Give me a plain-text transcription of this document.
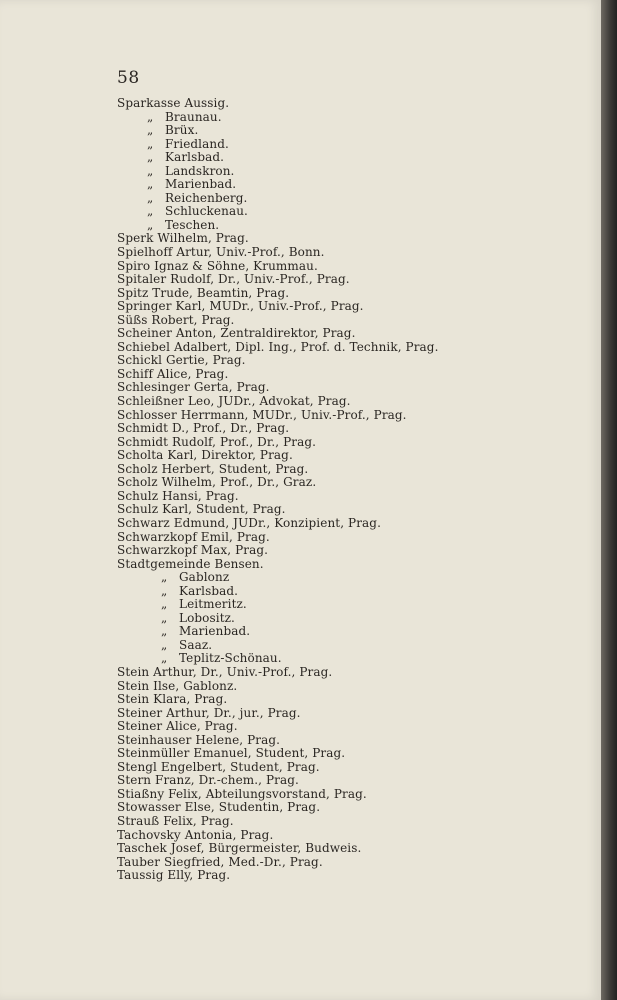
58
Sparkasse Aussig.
„ Braunau.
„ Brüx.
„ Friedland.
„ Karlsbad.
„ Landskron.
„ Marienbad.
„ Reichenberg.
„ Schluckenau.
„ Teschen.
Sperk Wilhelm, Prag.
Spielhoff Artur, Univ.-Prof., Bonn.
Spiro Ignaz & Söhne, Krummau.
Spitaler Rudolf, Dr., Univ.-Prof., Prag.
Spitz Trude, Beamtin, Prag.
Springer Karl, MUDr., Univ.-Prof., Prag.
Süßs Robert, Prag.
Scheiner Anton, Zentraldirektor, Prag.
Schiebel Adalbert, Dipl. Ing., Prof. d. Technik, Prag.
Schickl Gertie, Prag.
Schiff Alice, Prag.
Schlesinger Gerta, Prag.
Schleißner Leo, JUDr., Advokat, Prag.
Schlosser Herrmann, MUDr., Univ.-Prof., Prag.
Schmidt D., Prof., Dr., Prag.
Schmidt Rudolf, Prof., Dr., Prag.
Scholta Karl, Direktor, Prag.
Scholz Herbert, Student, Prag.
Scholz Wilhelm, Prof., Dr., Graz.
Schulz Hansi, Prag.
Schulz Karl, Student, Prag.
Schwarz Edmund, JUDr., Konzipient, Prag.
Schwarzkopf Emil, Prag.
Schwarzkopf Max, Prag.
Stadtgemeinde Bensen.
„ Gablonz
„ Karlsbad.
„ Leitmeritz.
„ Lobositz.
„ Marienbad.
„ Saaz.
„ Teplitz-Schönau.
Stein Arthur, Dr., Univ.-Prof., Prag.
Stein Ilse, Gablonz.
Stein Klara, Prag.
Steiner Arthur, Dr., jur., Prag.
Steiner Alice, Prag.
Steinhauser Helene, Prag.
Steinmüller Emanuel, Student, Prag.
Stengl Engelbert, Student, Prag.
Stern Franz, Dr.-chem., Prag.
Stiaßny Felix, Abteilungsvorstand, Prag.
Stowasser Else, Studentin, Prag.
Strauß Felix, Prag.
Tachovsky Antonia, Prag.
Taschek Josef, Bürgermeister, Budweis.
Tauber Siegfried, Med.-Dr., Prag.
Taussig Elly, Prag.
